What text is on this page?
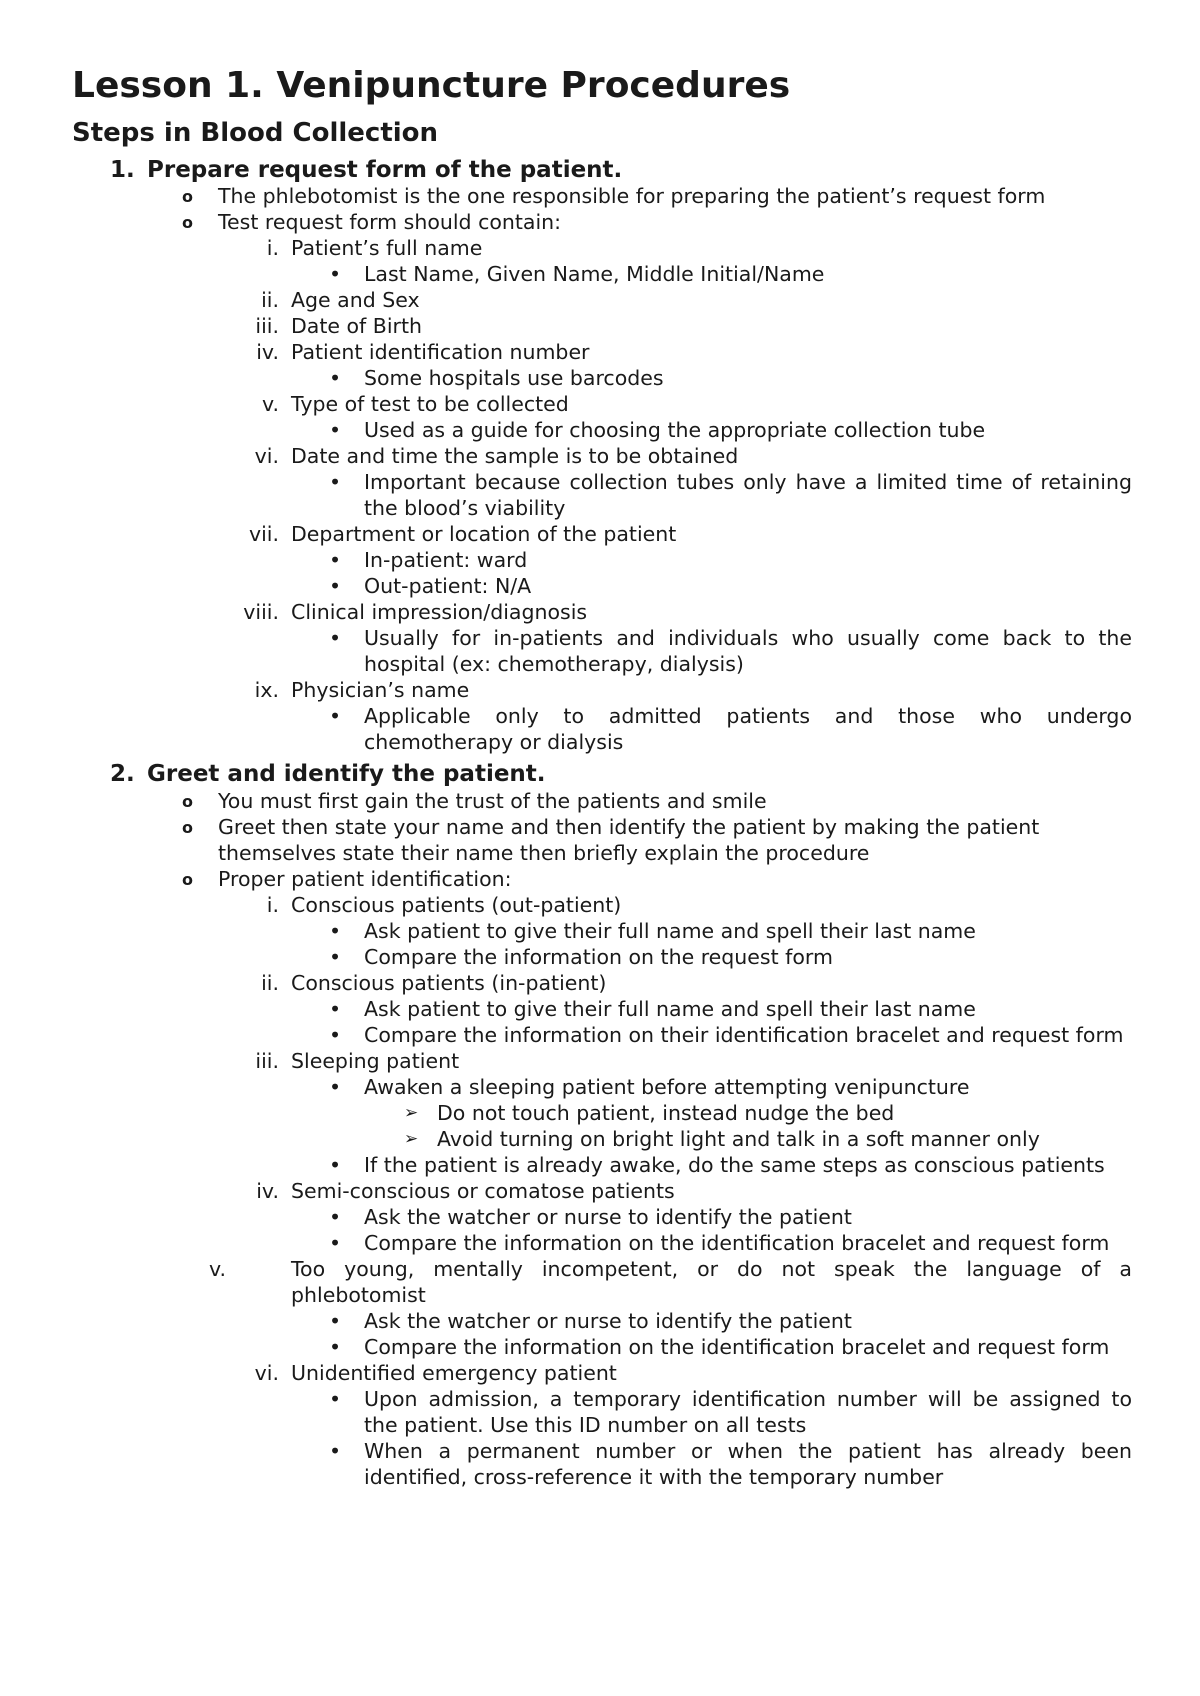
Lesson 1. Venipuncture Procedures
Steps in Blood Collection
1. Prepare request form of the patient.
o The phlebotomist is the one responsible for preparing the patient’s request form
o Test request form should contain:
i. Patient’s full name
• Last Name, Given Name, Middle Initial/Name
ii. Age and Sex
iii. Date of Birth
iv. Patient identification number
• Some hospitals use barcodes
v. Type of test to be collected
• Used as a guide for choosing the appropriate collection tube
vi. Date and time the sample is to be obtained
• Important because collection tubes only have a limited time of retaining the blood’s viability
vii. Department or location of the patient
• In-patient: ward
• Out-patient: N/A
viii. Clinical impression/diagnosis
• Usually for in-patients and individuals who usually come back to the hospital (ex: chemotherapy, dialysis)
ix. Physician’s name
• Applicable only to admitted patients and those who undergo chemotherapy or dialysis
2. Greet and identify the patient.
o You must first gain the trust of the patients and smile
o Greet then state your name and then identify the patient by making the patient themselves state their name then briefly explain the procedure
o Proper patient identification:
i. Conscious patients (out-patient)
• Ask patient to give their full name and spell their last name
• Compare the information on the request form
ii. Conscious patients (in-patient)
• Ask patient to give their full name and spell their last name
• Compare the information on their identification bracelet and request form
iii. Sleeping patient
• Awaken a sleeping patient before attempting venipuncture
➢ Do not touch patient, instead nudge the bed
➢ Avoid turning on bright light and talk in a soft manner only
• If the patient is already awake, do the same steps as conscious patients
iv. Semi-conscious or comatose patients
• Ask the watcher or nurse to identify the patient
• Compare the information on the identification bracelet and request form
v.	Too young, mentally incompetent, or do not speak the language of a phlebotomist
• Ask the watcher or nurse to identify the patient
• Compare the information on the identification bracelet and request form
vi. Unidentified emergency patient
• Upon admission, a temporary identification number will be assigned to the patient. Use this ID number on all tests
• When a permanent number or when the patient has already been identified, cross-reference it with the temporary number
